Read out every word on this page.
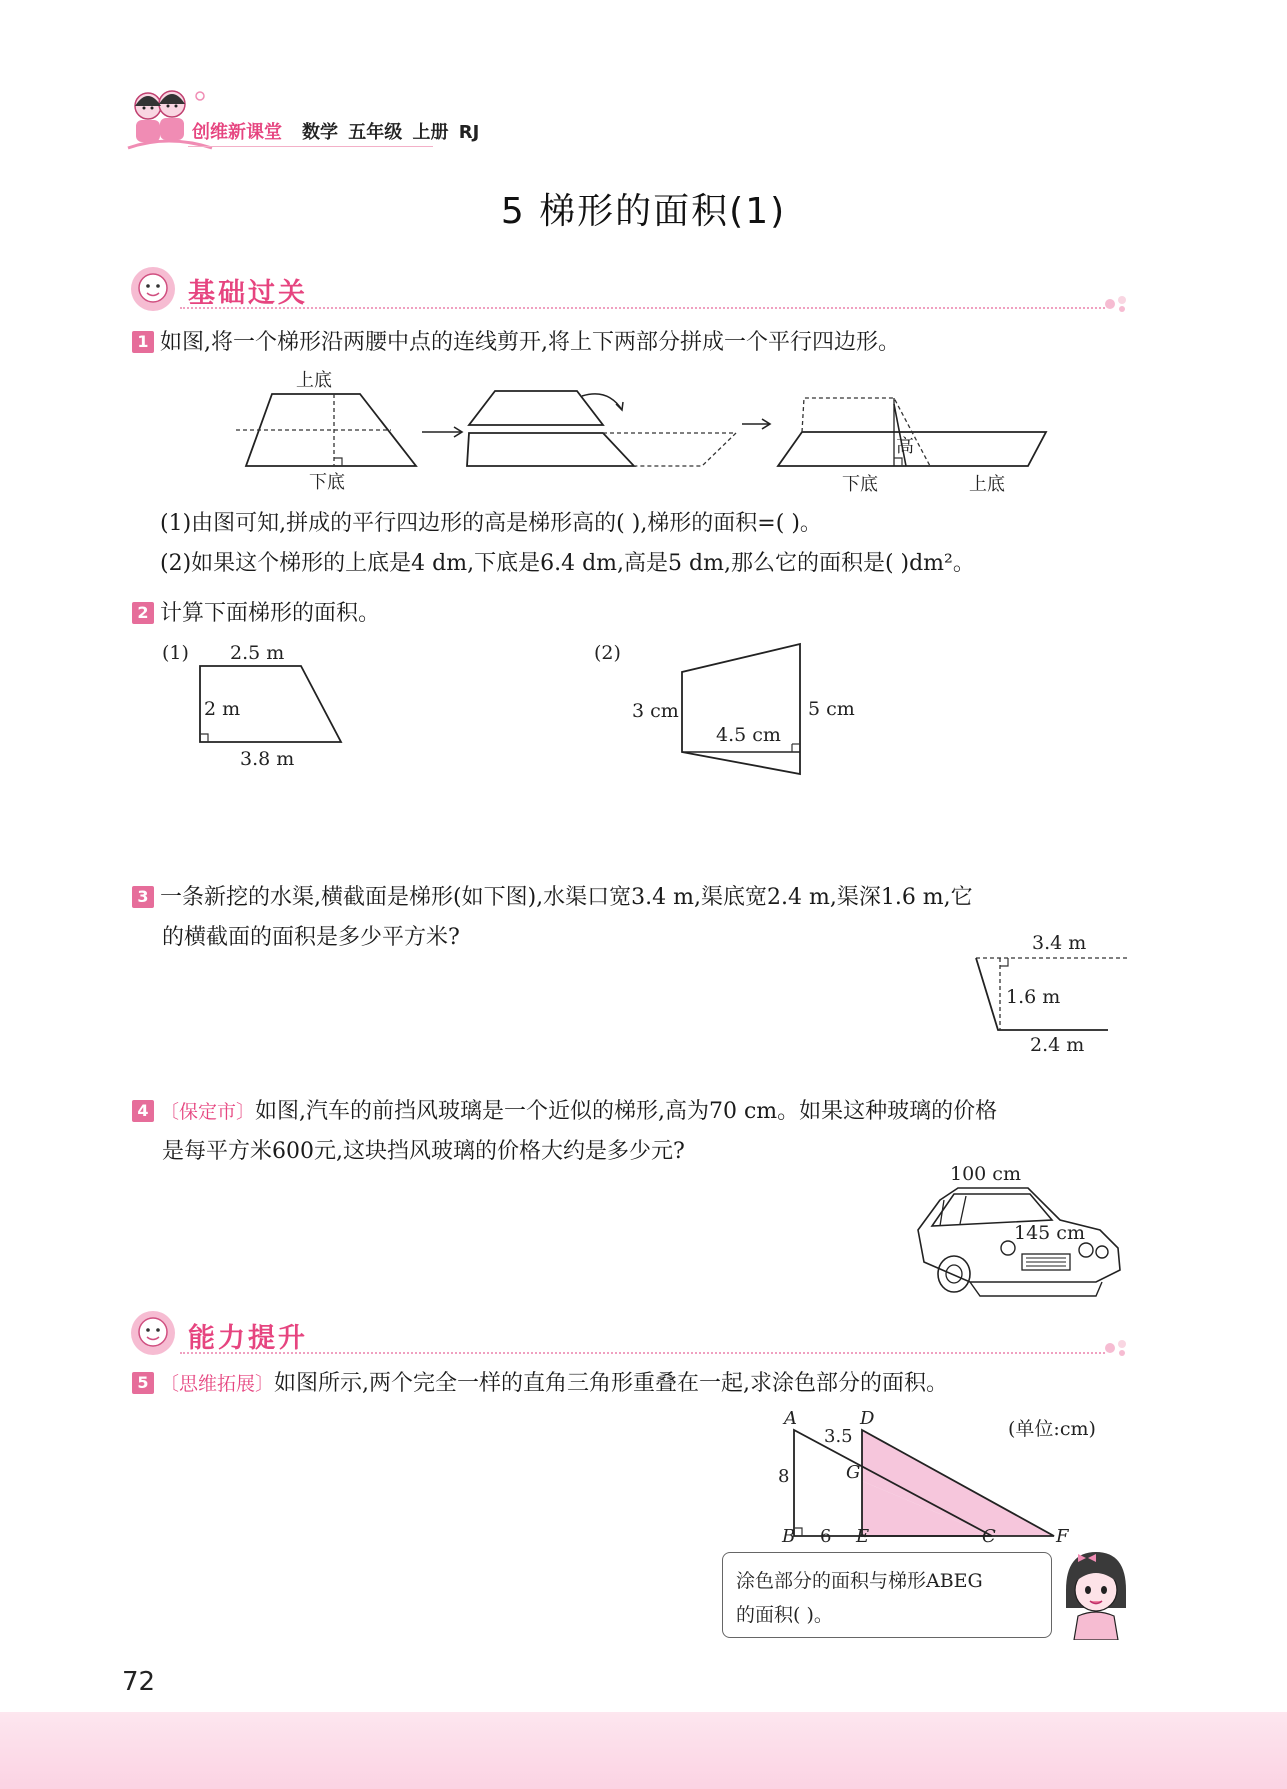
创维新课堂 数学 五年级 上册 RJ
5 梯形的面积(1)
基础过关
1 如图,将一个梯形沿两腰中点的连线剪开,将上下两部分拼成一个平行四边形。
上底
下底
高
下底	上底
(1)由图可知,拼成的平行四边形的高是梯形高的( ),梯形的面积=( )。
(2)如果这个梯形的上底是4 dm,下底是6.4 dm,高是5 dm,那么它的面积是( )dm²。
2 计算下面梯形的面积。
(1) 2.5 m
2 m
3.8 m
(2)
3 cm
4.5 cm
5 cm
3 一条新挖的水渠,横截面是梯形(如下图),水渠口宽3.4 m,渠底宽2.4 m,渠深1.6 m,它
的横截面的面积是多少平方米?	3.4 m
1.6 m
2.4 m
4 〔保定市〕如图,汽车的前挡风玻璃是一个近似的梯形,高为70 cm。如果这种玻璃的价格
是每平方米600元,这块挡风玻璃的价格大约是多少元?
100 cm
145 cm
能力提升
5 〔思维拓展〕如图所示,两个完全一样的直角三角形重叠在一起,求涂色部分的面积。
(单位:cm)
A	D
3.5
G
8
B 6 E	C	F
涂色部分的面积与梯形ABEG
的面积( )。
72
